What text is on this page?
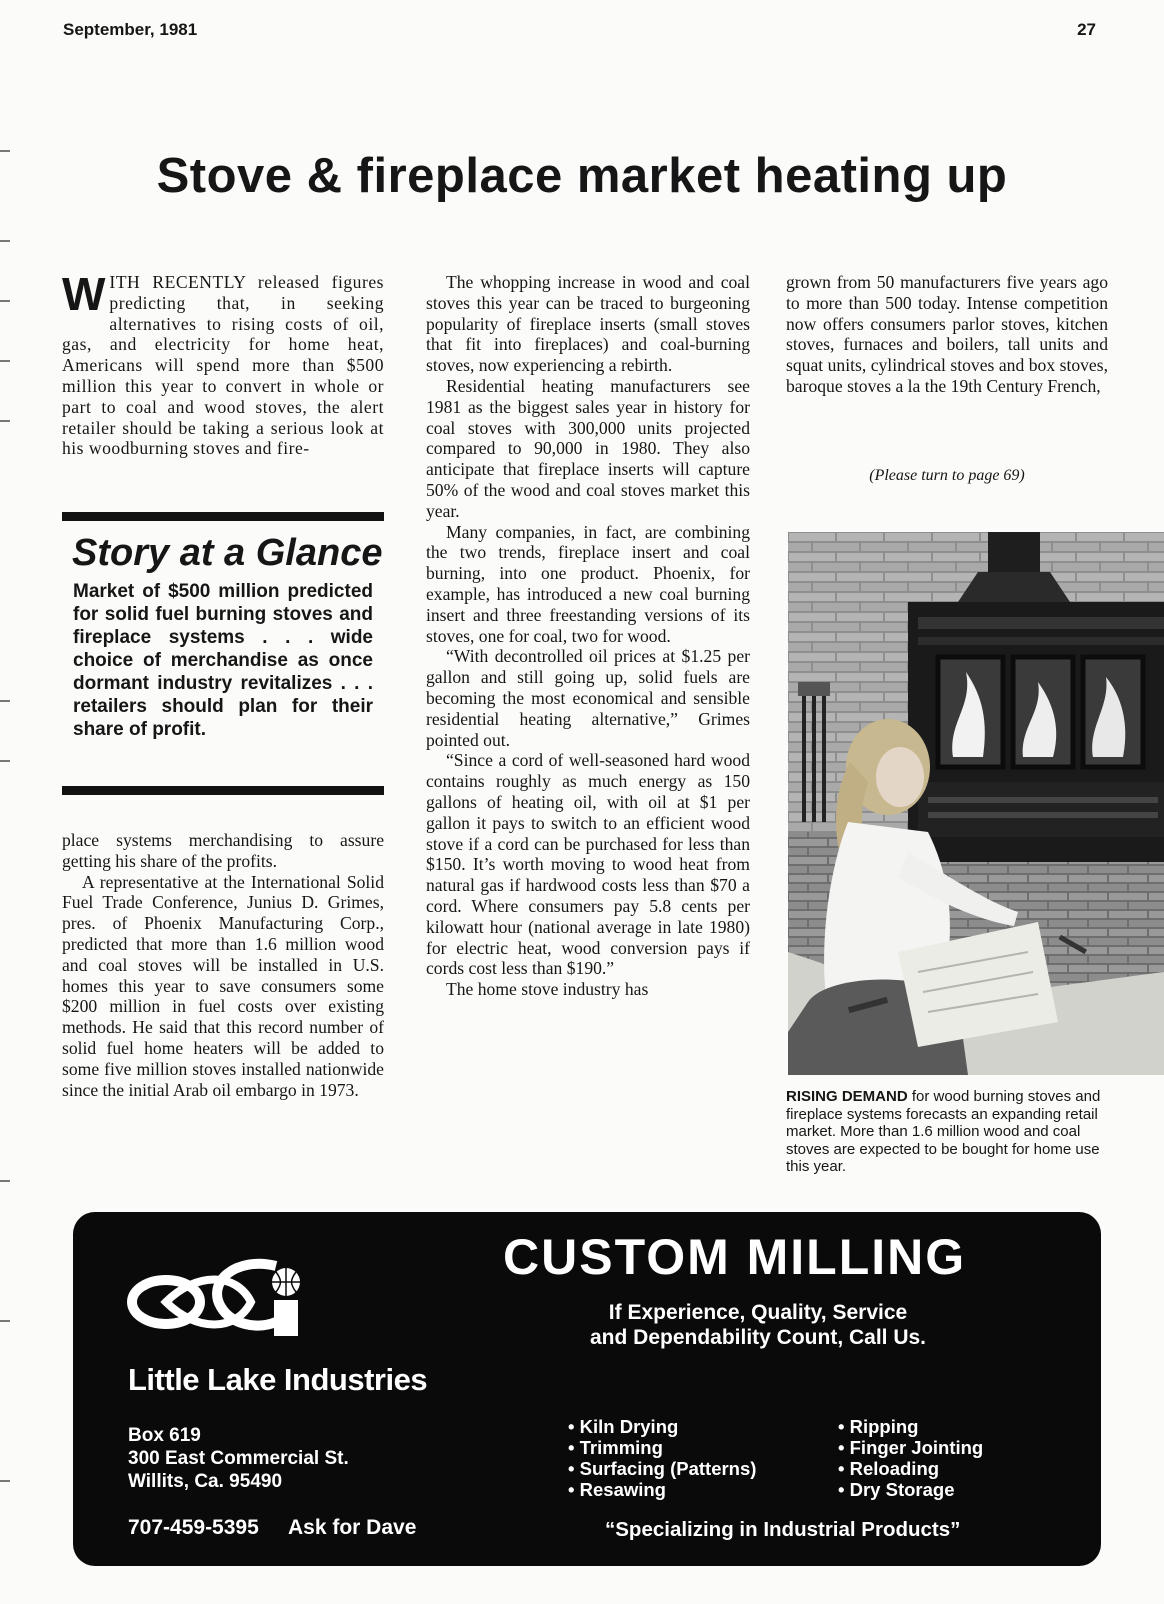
September, 1981	27
Stove & fireplace market heating up
W ITH RECENTLY released figures predicting that, in seeking alternatives to rising costs of oil, gas, and electricity for home heat, Americans will spend more than $500 million this year to convert in whole or part to coal and wood stoves, the alert retailer should be taking a serious look at his woodburning stoves and fire-

Story at a Glance
Market of $500 million predicted for solid fuel burning stoves and fireplace systems . . . wide choice of merchandise as once dormant industry revitalizes . . . retailers should plan for their share of profit.

place systems merchandising to assure getting his share of the profits.

A representative at the International Solid Fuel Trade Conference, Junius D. Grimes, pres. of Phoenix Manufacturing Corp., predicted that more than 1.6 million wood and coal stoves will be installed in U.S. homes this year to save consumers some $200 million in fuel costs over existing methods. He said that this record number of solid fuel home heaters will be added to some five million stoves installed nationwide since the initial Arab oil embargo in 1973.

The whopping increase in wood and coal stoves this year can be traced to burgeoning popularity of fireplace inserts (small stoves that fit into fireplaces) and coal-burning stoves, now experiencing a rebirth.

Residential heating manufacturers see 1981 as the biggest sales year in history for coal stoves with 300,000 units projected compared to 90,000 in 1980. They also anticipate that fireplace inserts will capture 50% of the wood and coal stoves market this year.

Many companies, in fact, are combining the two trends, fireplace insert and coal burning, into one product. Phoenix, for example, has introduced a new coal burning insert and three freestanding versions of its stoves, one for coal, two for wood.

“With decontrolled oil prices at $1.25 per gallon and still going up, solid fuels are becoming the most economical and sensible residential heating alternative,” Grimes pointed out.

“Since a cord of well-seasoned hard wood contains roughly as much energy as 150 gallons of heating oil, with oil at $1 per gallon it pays to switch to an efficient wood stove if a cord can be purchased for less than $150. It’s worth moving to wood heat from natural gas if hardwood costs less than $70 a cord. Where consumers pay 5.8 cents per kilowatt hour (national average in late 1980) for electric heat, wood conversion pays if cords cost less than $190.”

The home stove industry has

grown from 50 manufacturers five years ago to more than 500 today. Intense competition now offers consumers parlor stoves, kitchen stoves, furnaces and boilers, tall units and squat units, cylindrical stoves and box stoves, baroque stoves a la the 19th Century French,

(Please turn to page 69)
RISING DEMAND for wood burning stoves and fireplace systems forecasts an expanding retail market. More than 1.6 million wood and coal stoves are expected to be bought for home use this year.
CUSTOM MILLING
If Experience, Quality, Service
and Dependability Count, Call Us.
Little Lake Industries
Box 619
300 East Commercial St.
Willits, Ca. 95490
707-459-5395 Ask for Dave
• Kiln Drying
• Trimming
• Surfacing (Patterns)
• Resawing
• Ripping
• Finger Jointing
• Reloading
• Dry Storage
“Specializing in Industrial Products”
